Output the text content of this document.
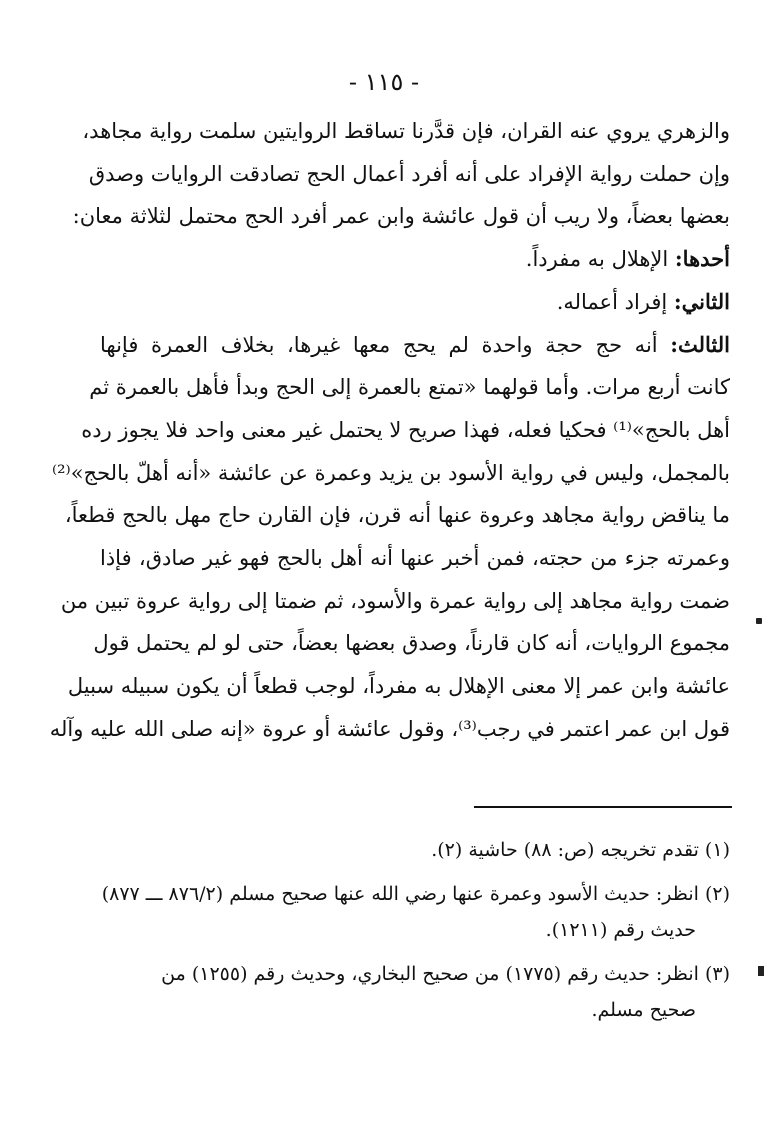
- ١١٥ -
والزهري يروي عنه القران، فإن قدَّرنا تساقط الروايتين سلمت رواية مجاهد،
وإن حملت رواية الإفراد على أنه أفرد أعمال الحج تصادقت الروايات وصدق
بعضها بعضاً، ولا ريب أن قول عائشة وابن عمر أفرد الحج محتمل لثلاثة معان:
أحدها: الإهلال به مفرداً.
الثاني: إفراد أعماله.
الثالث: أنه حج حجة واحدة لم يحج معها غيرها، بخلاف العمرة فإنها
كانت أربع مرات. وأما قولهما «تمتع بالعمرة إلى الحج وبدأ فأهل بالعمرة ثم
أهل بالحج»⁽¹⁾ فحكيا فعله، فهذا صريح لا يحتمل غير معنى واحد فلا يجوز رده
بالمجمل، وليس في رواية الأسود بن يزيد وعمرة عن عائشة «أنه أهلّ بالحج»⁽²⁾
ما يناقض رواية مجاهد وعروة عنها أنه قرن، فإن القارن حاج مهل بالحج قطعاً،
وعمرته جزء من حجته، فمن أخبر عنها أنه أهل بالحج فهو غير صادق، فإذا
ضمت رواية مجاهد إلى رواية عمرة والأسود، ثم ضمتا إلى رواية عروة تبين من
مجموع الروايات، أنه كان قارناً، وصدق بعضها بعضاً، حتى لو لم يحتمل قول
عائشة وابن عمر إلا معنى الإهلال به مفرداً، لوجب قطعاً أن يكون سبيله سبيل
قول ابن عمر اعتمر في رجب⁽³⁾، وقول عائشة أو عروة «إنه صلى الله عليه وآله
(١) تقدم تخريجه (ص: ٨٨) حاشية (٢).
(٢) انظر: حديث الأسود وعمرة عنها رضي الله عنها صحيح مسلم (٨٧٦/٢ ـــ ٨٧٧)
حديث رقم (١٢١١).
(٣) انظر: حديث رقم (١٧٧٥) من صحيح البخاري، وحديث رقم (١٢٥٥) من
صحيح مسلم.
